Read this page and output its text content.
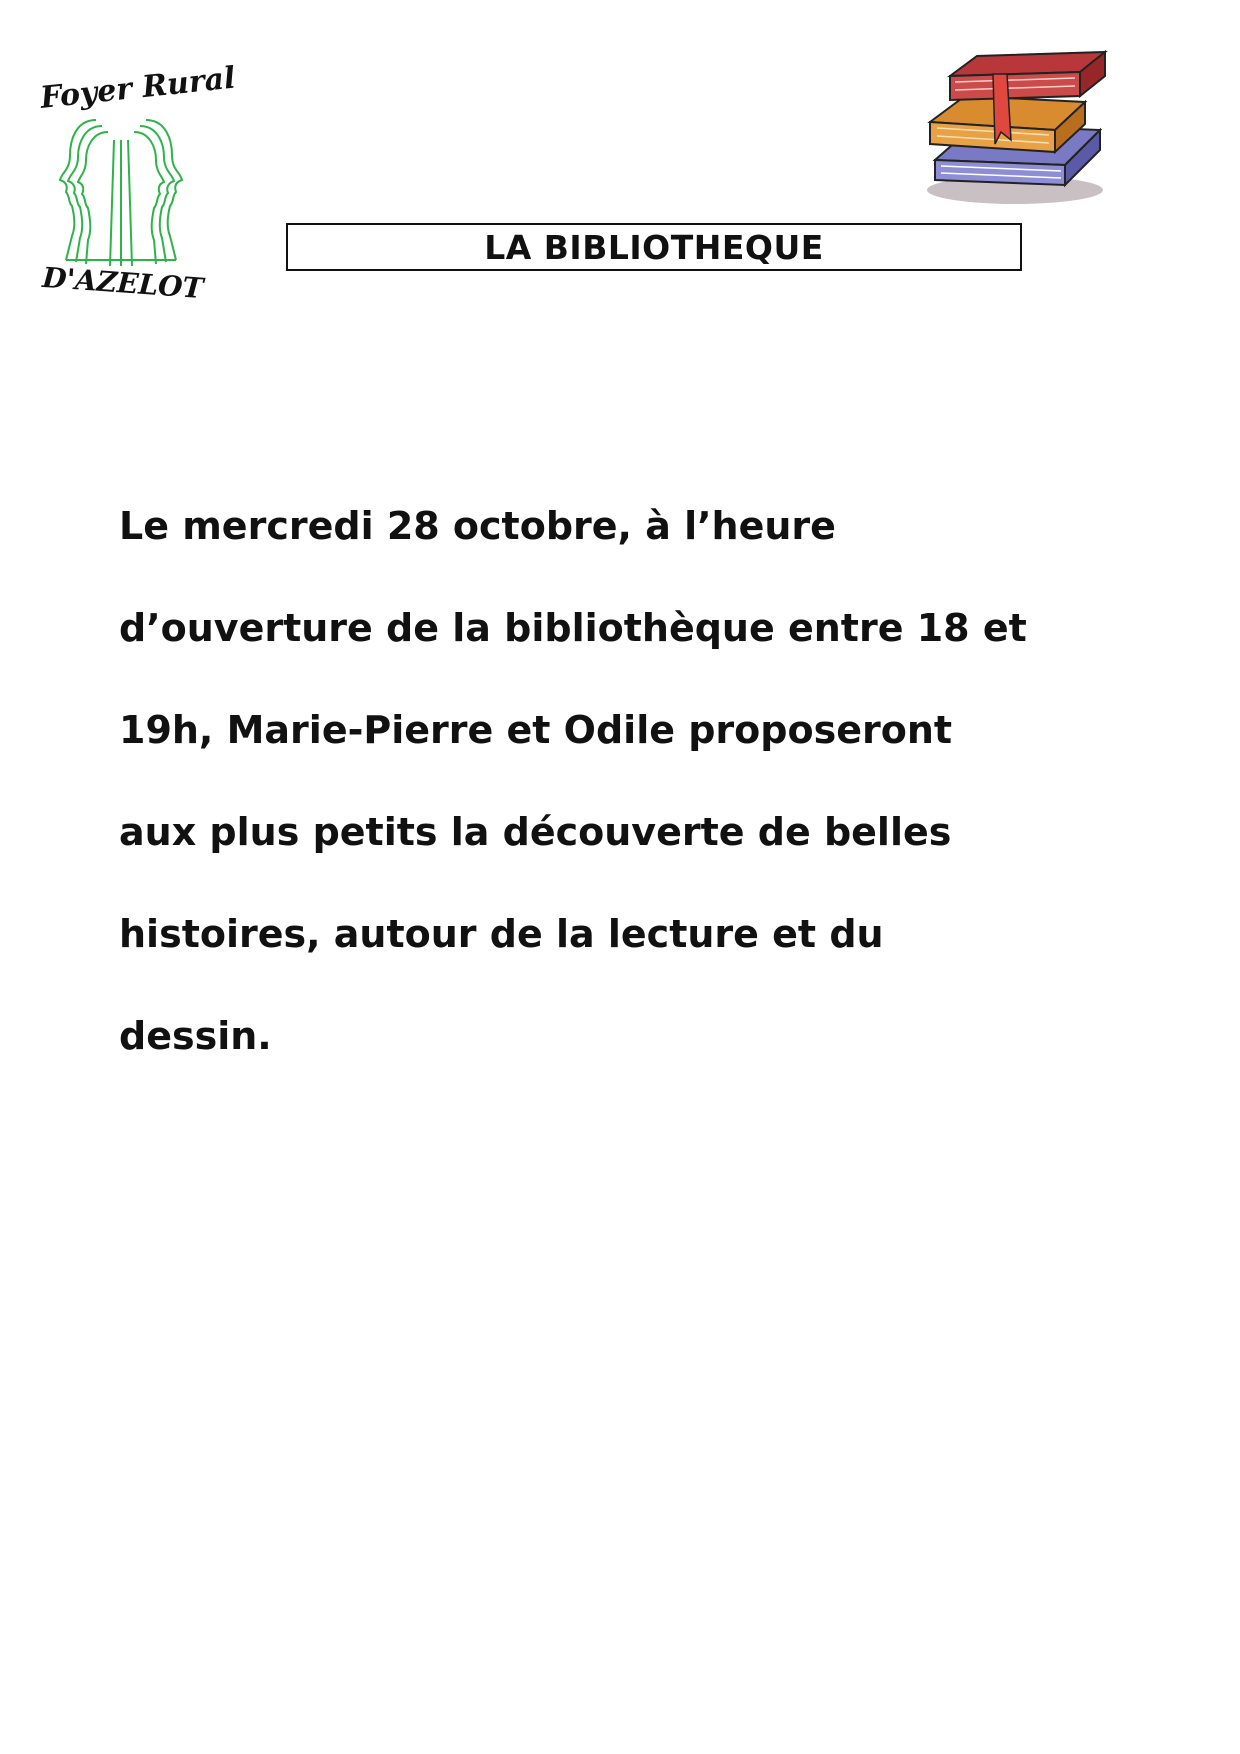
Foyer Rural
D'AZELOT
LA BIBLIOTHEQUE
Le mercredi 28 octobre, à l’heure
d’ouverture de la bibliothèque entre 18 et
19h, Marie-Pierre et Odile proposeront
aux plus petits la découverte de belles
histoires, autour de la lecture et du
dessin.
